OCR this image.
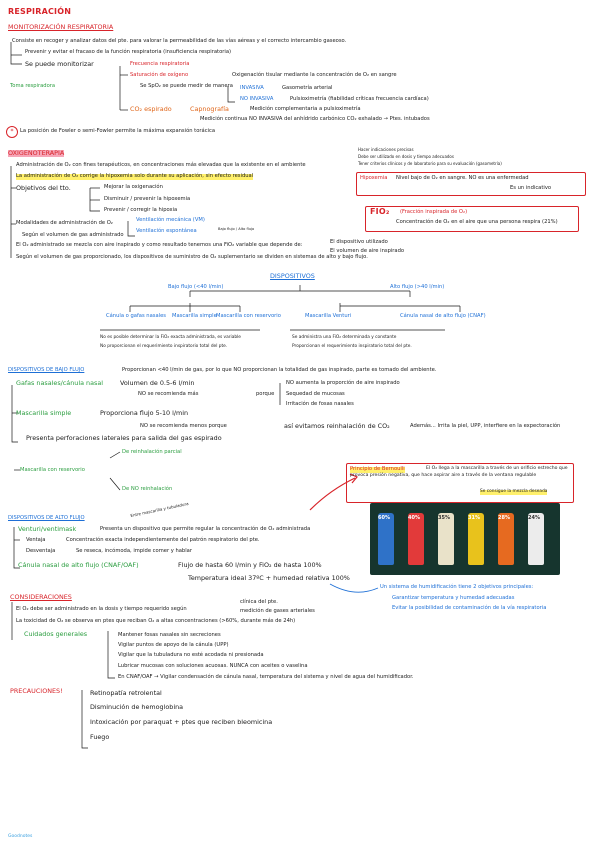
RESPIRACIÓN
MONITORIZACIÓN RESPIRATORIA
Consiste en recoger y analizar datos del pte. para valorar la permeabilidad de las vías aéreas y el correcto intercambio gaseoso.
Prevenir y evitar el fracaso de la función respiratoria (insuficiencia respiratoria)
Se puede monitorizar	Frecuencia respiratoria
Toma respiradora
Saturación de oxígeno	Oxigenación tisular mediante la concentración de O₂ en sangre
Se SpO₂ se puede medir de manera INVASIVA	Gasometría arterial
NO INVASIVA	Pulsioximetría (fiabilidad críticas frecuencia cardíaca)
CO₂ espirado	Capnografía	Medición complementaria a pulsioximetría
Medición continua NO INVASIVA del anhídrido carbónico CO₂ exhalado → Ptes. intubados
*	La posición de Fowler o semi-Fowler permite la máxima expansión torácica
OXIGENOTERAPIA
Administración de O₂ con fines terapéuticos, en concentraciones más elevadas que la existente en el ambiente
La administración de O₂ corrige la hipoxemia solo durante su aplicación, sin efecto residual
Objetivos del tto.	Mejorar la oxigenación
Disminuir / prevenir la hipoxemia
Prevenir / corregir la hipoxia
Modalidades de administración de O₂	Ventilación mecánica (VM)
Ventilación espontánea	Bajo flujo / Alto flujo
Según el volumen de gas administrado
El O₂ administrado se mezcla con aire inspirado y como resultado tenemos una FiO₂ variable que depende de:	El dispositivo utilizado
El volumen de aire inspirado
Según el volumen de gas proporcionado, los dispositivos de suministro de O₂ suplementario se dividen en sistemas de alto y bajo flujo.
Hacer indicaciones precisas
Debe ser utilizado en dosis y tiempo adecuados
Tener criterios clínicos y de laboratorio para su evaluación (gasometría)
Hipoxemia Nivel bajo de O₂ en sangre. NO es una enfermedad
Es un indicativo
FIO₂ (Fracción inspirada de O₂)
Concentración de O₂ en el aire que una persona respira (21%)
DISPOSITIVOS
Bajo flujo (<40 l/min)	Alto flujo (>40 l/min)
Cánula o gafas nasales Mascarilla simple Mascarilla con reservorio	Mascarilla Venturi	Cánula nasal de alto flujo (CNAF)
No es posible determinar la FiO₂ exacta administrada, es variable
No proporcionan el requerimiento inspiratorio total del pte.
Se administra una FiO₂ determinada y constante
Proporcionan el requerimiento inspiratorio total del pte.
DISPOSITIVOS DE BAJO FLUJO	Proporcionan <40 l/min de gas, por lo que NO proporcionan la totalidad de gas inspirado, parte es tomado del ambiente.
Gafas nasales/cánula nasal	Volumen de 0.5-6 l/min
NO se recomienda más	porque
NO aumenta la proporción de aire inspirado
Sequedad de mucosas
Irritación de fosas nasales
Mascarilla simple	Proporciona flujo 5-10 l/min
NO se recomienda menos porque	así evitamos reinhalación de CO₂	Además... Irrita la piel, UPP, interfiere en la expectoración
Presenta perforaciones laterales para salida del gas espirado
Mascarilla con reservorio
De reinhalación parcial
De NO reinhalación
Principio de Bernoulli	El O₂ llega a la mascarilla a través de un orificio estrecho que provoca presión negativa, que hace aspirar aire a través de la ventana regulable
Se consigue la mezcla deseada
60%	40%	35%	31%	28%	24%
DISPOSITIVOS DE ALTO FLUJO	Entre mascarilla y tubuladura
Venturi/ventimask	Presenta un dispositivo que permite regular la concentración de O₂ administrada
Ventaja	Concentración exacta independientemente del patrón respiratorio del pte.
Desventaja	Se reseca, incómoda, impide comer y hablar
Cánula nasal de alto flujo (CNAF/OAF)	Flujo de hasta 60 l/min y FiO₂ de hasta 100%
Temperatura ideal 37ºC + humedad relativa 100%
Un sistema de humidificación tiene 2 objetivos principales:
Garantizar temperatura y humedad adecuadas
Evitar la posibilidad de contaminación de la vía respiratoria
CONSIDERACIONES
El O₂ debe ser administrado en la dosis y tiempo requerido según
clínica del pte.
medición de gases arteriales
La toxicidad de O₂ se observa en ptes que reciban O₂ a altas concentraciones (>60%, durante más de 24h)
Cuidados generales	Mantener fosas nasales sin secreciones
Vigilar puntos de apoyo de la cánula (UPP)
Vigilar que la tubuladura no esté acodada ni presionada
Lubricar mucosas con soluciones acuosas. NUNCA con aceites o vaselina
En CNAF/OAF → Vigilar condensación de cánula nasal, temperatura del sistema y nivel de agua del humidificador.
PRECAUCIONES!	Retinopatía retrolental
Disminución de hemoglobina
Intoxicación por paraquat + ptes que reciben bleomicina
Fuego
Goodnotes
